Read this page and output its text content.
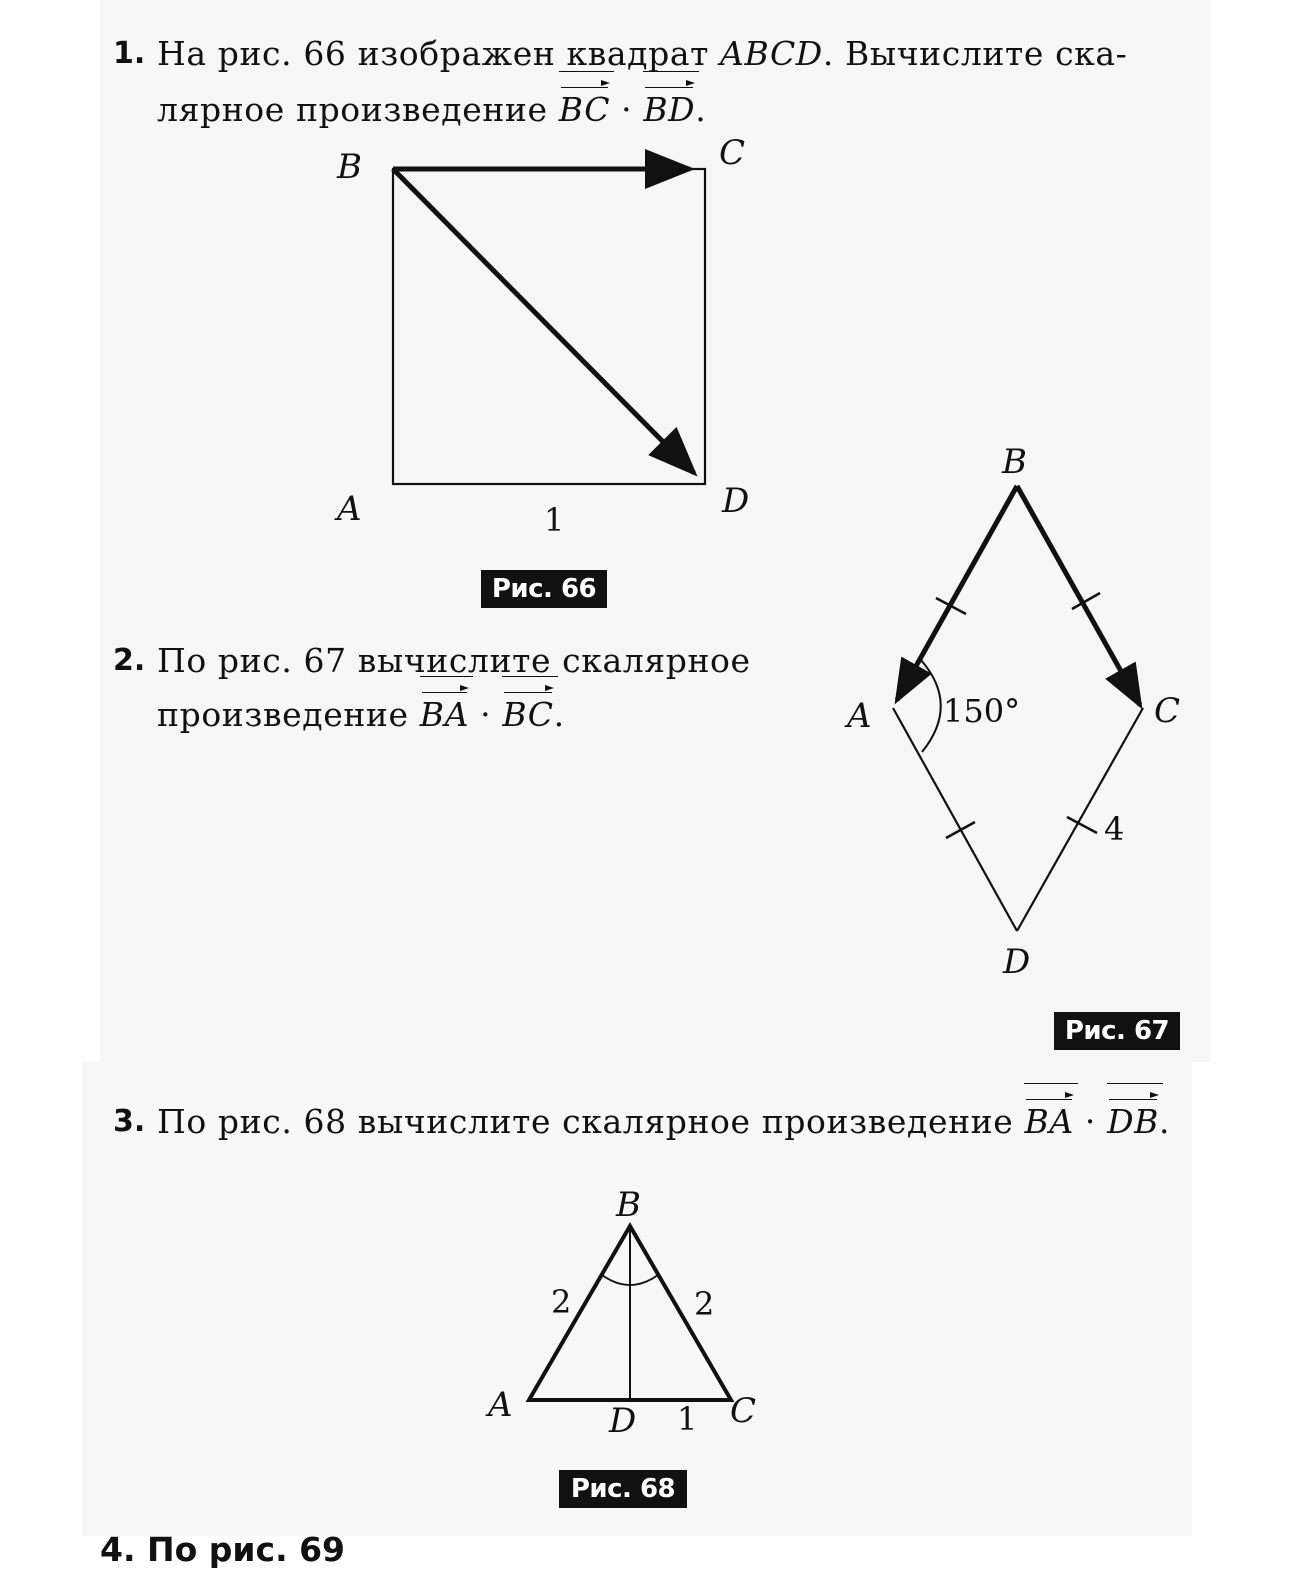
1. На рис. 66 изображен квадрат ABCD. Вычислите ска-
лярное произведение
BC · BD.
2. По рис. 67 вычислите скалярное
произведение
BA · BC.
3. По рис. 68 вычислите скалярное произведение
BA · DB.
B	C
A	D
1
B
A	C
D
150°
4
B
A	C
D
2	2
1
Рис. 66
Рис. 67
Рис. 68
4. По рис. 69
